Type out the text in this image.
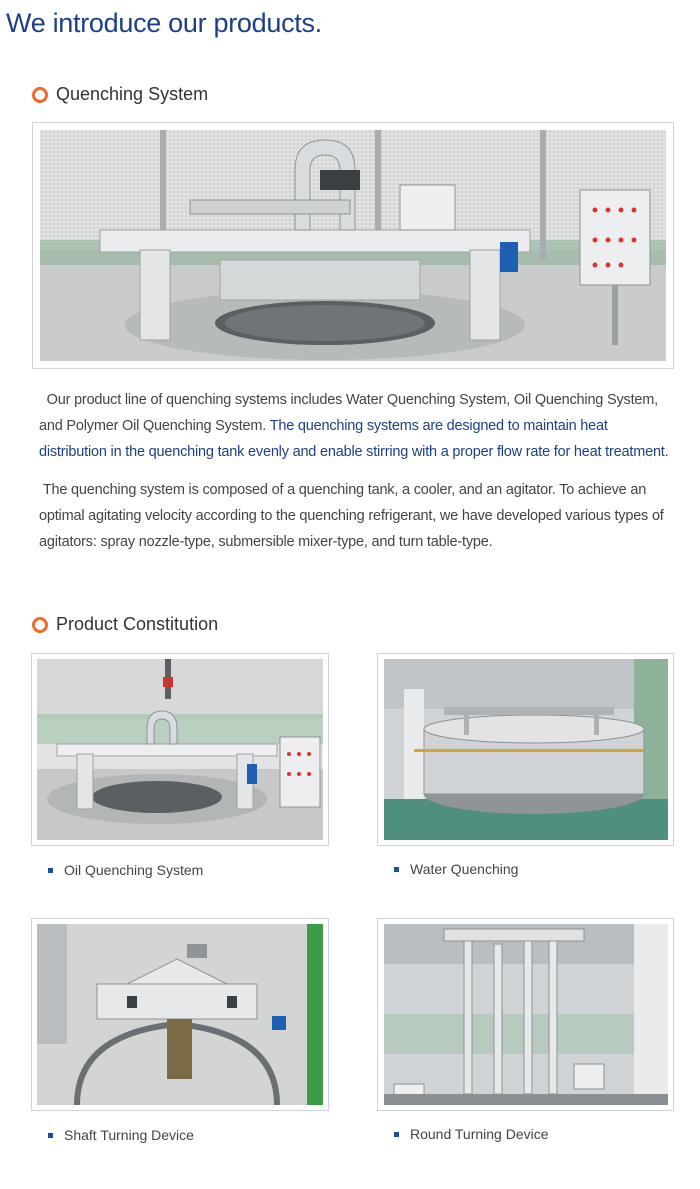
We introduce our products.
Quenching System
Our product line of quenching systems includes Water Quenching System, Oil Quenching System, and Polymer Oil Quenching System. The quenching systems are designed to maintain heat distribution in the quenching tank evenly and enable stirring with a proper flow rate for heat treatment.
The quenching system is composed of a quenching tank, a cooler, and an agitator. To achieve an optimal agitating velocity according to the quenching refrigerant, we have developed various types of agitators: spray nozzle-type, submersible mixer-type, and turn table-type.
Product Constitution
Oil Quenching System	Water Quenching
Shaft Turning Device	Round Turning Device
